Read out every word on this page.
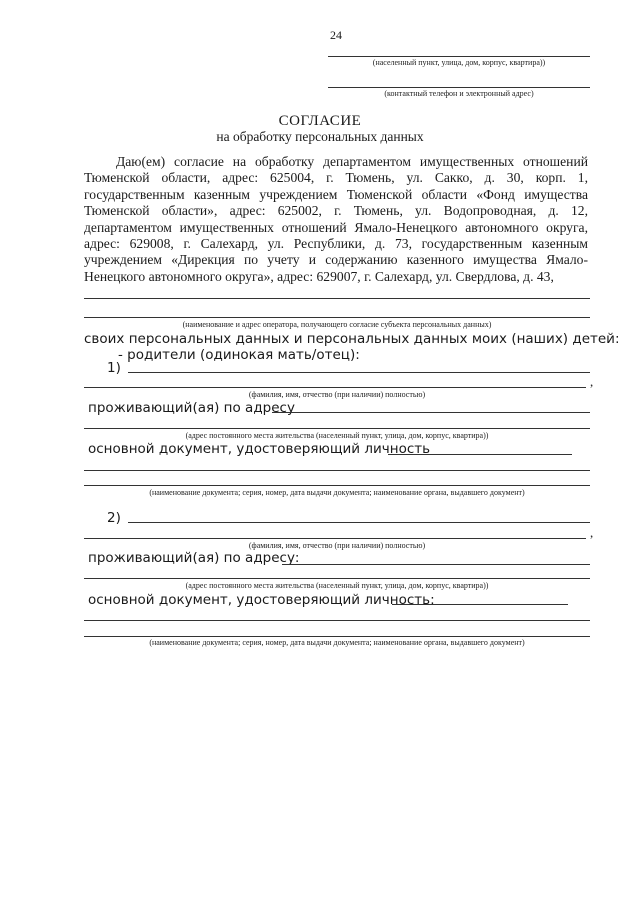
24
(населенный пункт, улица, дом, корпус, квартира))
(контактный телефон и электронный адрес)
СОГЛАСИЕ
на обработку персональных данных
Даю(ем) согласие на обработку департаментом имущественных отношений Тюменской области, адрес: 625004, г. Тюмень, ул. Сакко, д. 30, корп. 1, государственным казенным учреждением Тюменской области «Фонд имущества Тюменской области», адрес: 625002, г. Тюмень, ул. Водопроводная, д. 12, департаментом имущественных отношений Ямало-Ненецкого автономного округа, адрес: 629008, г. Салехард, ул. Республики, д. 73, государственным казенным учреждением «Дирекция по учету и содержанию казенного имущества Ямало-Ненецкого автономного округа», адрес: 629007, г. Салехард, ул. Свердлова, д. 43,
(наименование и адрес оператора, получающего согласие субъекта персональных данных)
своих персональных данных и персональных данных моих (наших) детей:
- родители (одинокая мать/отец):
1)
,
(фамилия, имя, отчество (при наличии) полностью)
проживающий(ая) по адресу
(адрес постоянного места жительства (населенный пункт, улица, дом, корпус, квартира))
основной документ, удостоверяющий личность
(наименование документа; серия, номер, дата выдачи документа; наименование органа, выдавшего документ)
2)
,
(фамилия, имя, отчество (при наличии) полностью)
проживающий(ая) по адресу:
(адрес постоянного места жительства (населенный пункт, улица, дом, корпус, квартира))
основной документ, удостоверяющий личность:
(наименование документа; серия, номер, дата выдачи документа; наименование органа, выдавшего документ)
